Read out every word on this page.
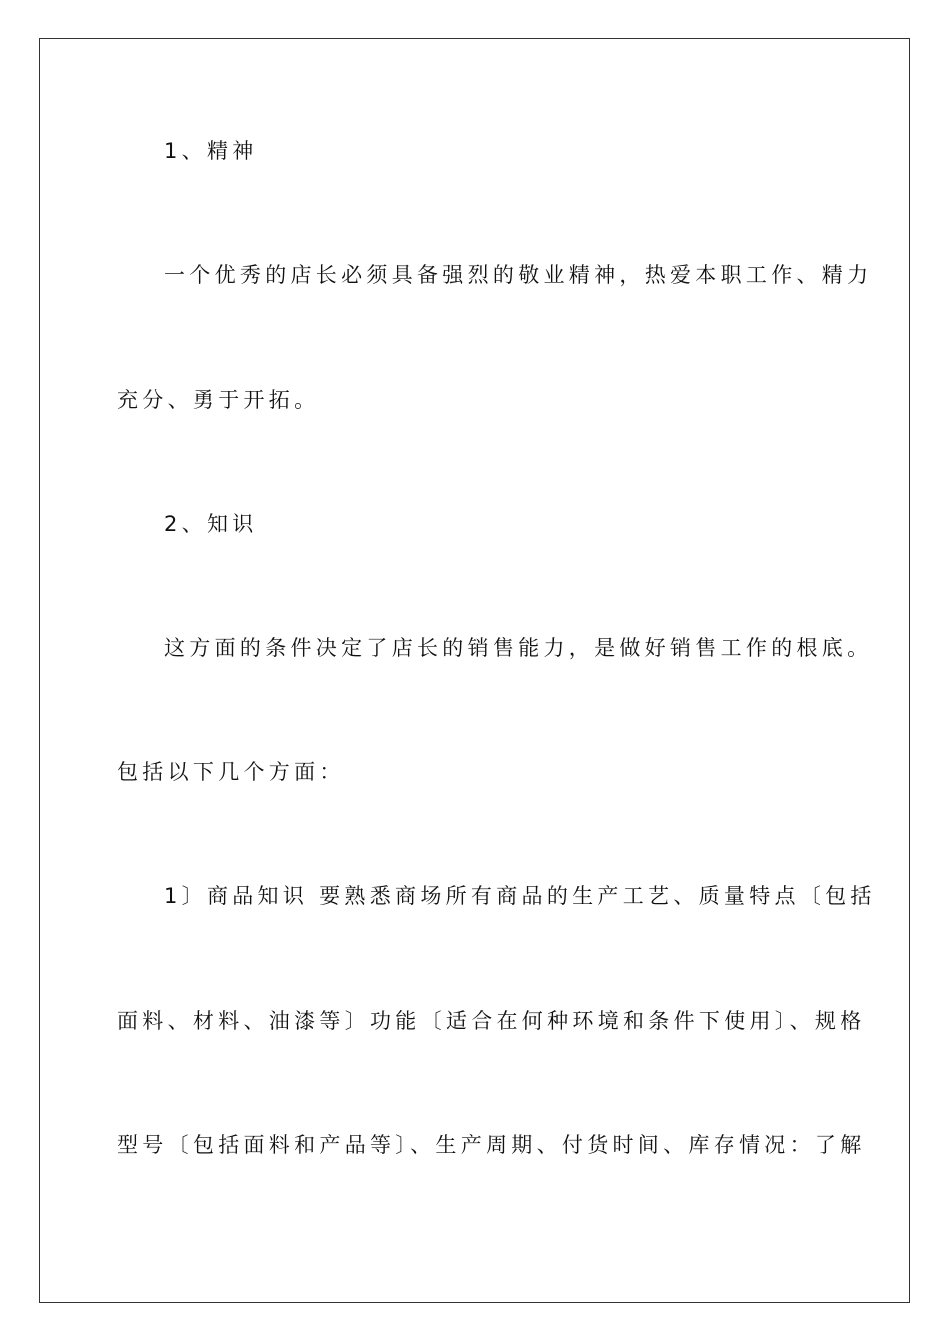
1、精神
一个优秀的店长必须具备强烈的敬业精神，热爱本职工作、精力
充分、勇于开拓。
2、知识
这方面的条件决定了店长的销售能力，是做好销售工作的根底。
包括以下几个方面：
1〕商品知识 要熟悉商场所有商品的生产工艺、质量特点〔包括
面料、材料、油漆等〕功能〔适合在何种环境和条件下使用〕、规格
型号〔包括面料和产品等〕、生产周期、付货时间、库存情况：了解
